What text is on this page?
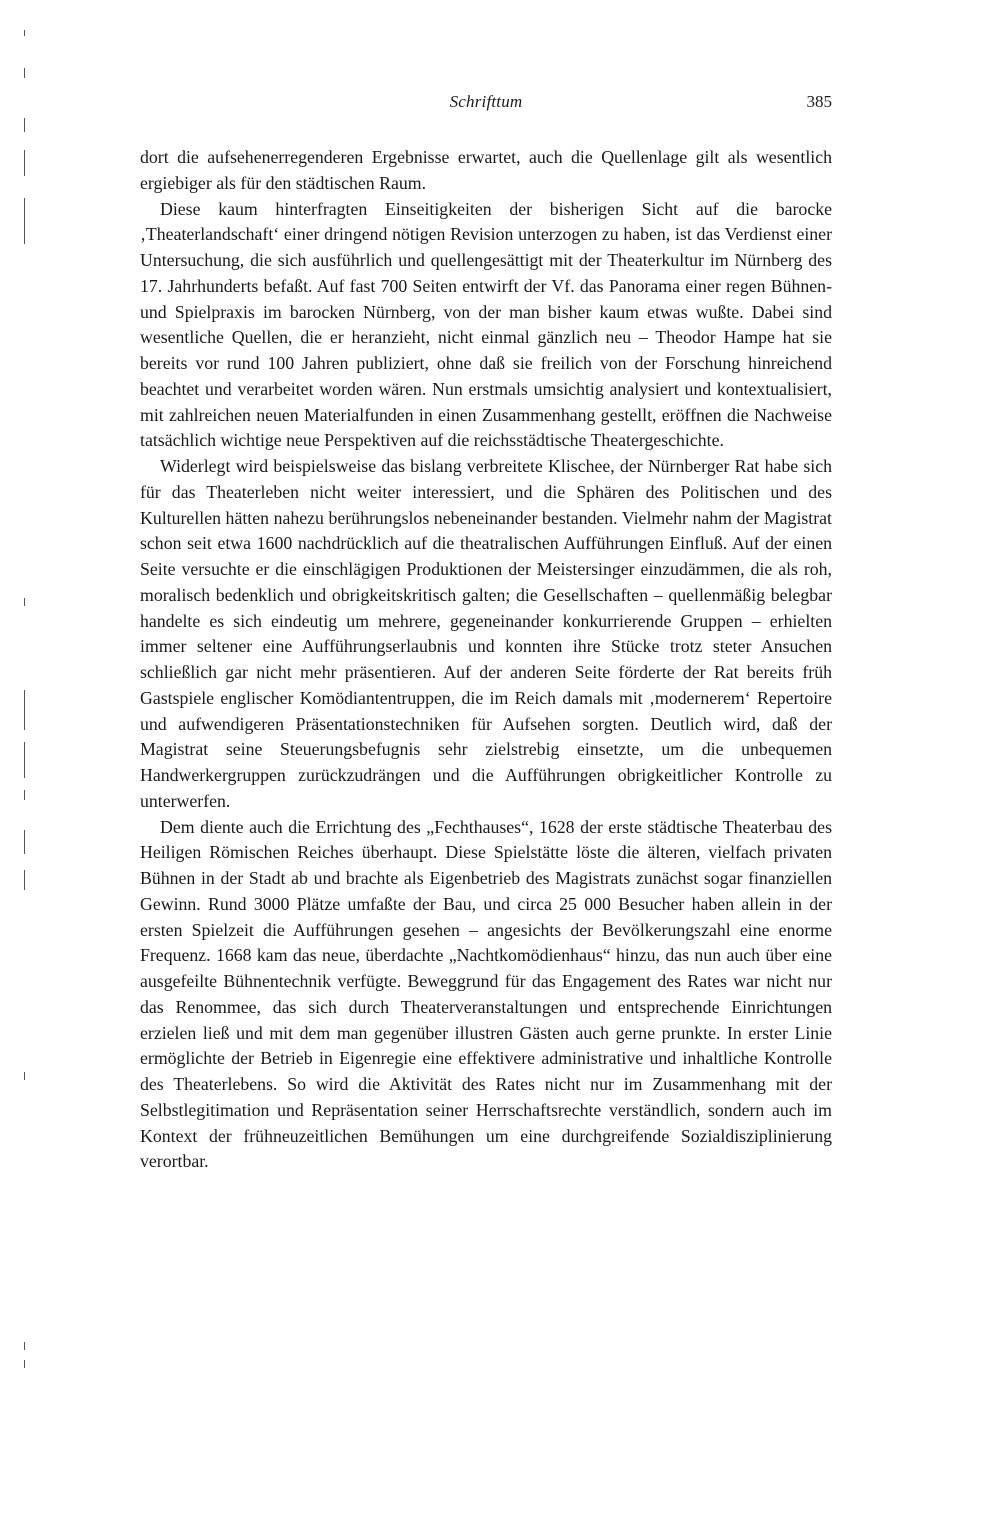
Schrifttum	385

dort die aufsehenerregenderen Ergebnisse erwartet, auch die Quellenlage gilt als wesentlich ergiebiger als für den städtischen Raum.

Diese kaum hinterfragten Einseitigkeiten der bisherigen Sicht auf die barocke ‚Theaterlandschaft‘ einer dringend nötigen Revision unterzogen zu haben, ist das Verdienst einer Untersuchung, die sich ausführlich und quellengesättigt mit der Theaterkultur im Nürnberg des 17. Jahrhunderts befaßt. Auf fast 700 Seiten entwirft der Vf. das Panorama einer regen Bühnen- und Spielpraxis im barocken Nürnberg, von der man bisher kaum etwas wußte. Dabei sind wesentliche Quellen, die er heranzieht, nicht einmal gänzlich neu – Theodor Hampe hat sie bereits vor rund 100 Jahren publiziert, ohne daß sie freilich von der Forschung hinreichend beachtet und verarbeitet worden wären. Nun erstmals umsichtig analysiert und kontextualisiert, mit zahlreichen neuen Materialfunden in einen Zusammenhang gestellt, eröffnen die Nachweise tatsächlich wichtige neue Perspektiven auf die reichsstädtische Theatergeschichte.

Widerlegt wird beispielsweise das bislang verbreitete Klischee, der Nürnberger Rat habe sich für das Theaterleben nicht weiter interessiert, und die Sphären des Politischen und des Kulturellen hätten nahezu berührungslos nebeneinander bestanden. Vielmehr nahm der Magistrat schon seit etwa 1600 nachdrücklich auf die theatralischen Aufführungen Einfluß. Auf der einen Seite versuchte er die einschlägigen Produktionen der Meistersinger einzudämmen, die als roh, moralisch bedenklich und obrigkeitskritisch galten; die Gesellschaften – quellenmäßig belegbar handelte es sich eindeutig um mehrere, gegeneinander konkurrierende Gruppen – erhielten immer seltener eine Aufführungserlaubnis und konnten ihre Stücke trotz steter Ansuchen schließlich gar nicht mehr präsentieren. Auf der anderen Seite förderte der Rat bereits früh Gastspiele englischer Komödiantentruppen, die im Reich damals mit ‚modernerem‘ Repertoire und aufwendigeren Präsentationstechniken für Aufsehen sorgten. Deutlich wird, daß der Magistrat seine Steuerungsbefugnis sehr zielstrebig einsetzte, um die unbequemen Handwerkergruppen zurückzudrängen und die Aufführungen obrigkeitlicher Kontrolle zu unterwerfen.

Dem diente auch die Errichtung des „Fechthauses“, 1628 der erste städtische Theaterbau des Heiligen Römischen Reiches überhaupt. Diese Spielstätte löste die älteren, vielfach privaten Bühnen in der Stadt ab und brachte als Eigenbetrieb des Magistrats zunächst sogar finanziellen Gewinn. Rund 3000 Plätze umfaßte der Bau, und circa 25 000 Besucher haben allein in der ersten Spielzeit die Aufführungen gesehen – angesichts der Bevölkerungszahl eine enorme Frequenz. 1668 kam das neue, überdachte „Nachtkomödienhaus“ hinzu, das nun auch über eine ausgefeilte Bühnentechnik verfügte. Beweggrund für das Engagement des Rates war nicht nur das Renommee, das sich durch Theaterveranstaltungen und entsprechende Einrichtungen erzielen ließ und mit dem man gegenüber illustren Gästen auch gerne prunkte. In erster Linie ermöglichte der Betrieb in Eigenregie eine effektivere administrative und inhaltliche Kontrolle des Theaterlebens. So wird die Aktivität des Rates nicht nur im Zusammenhang mit der Selbstlegitimation und Repräsentation seiner Herrschaftsrechte verständlich, sondern auch im Kontext der frühneuzeitlichen Bemühungen um eine durchgreifende Sozialdisziplinierung verortbar.
